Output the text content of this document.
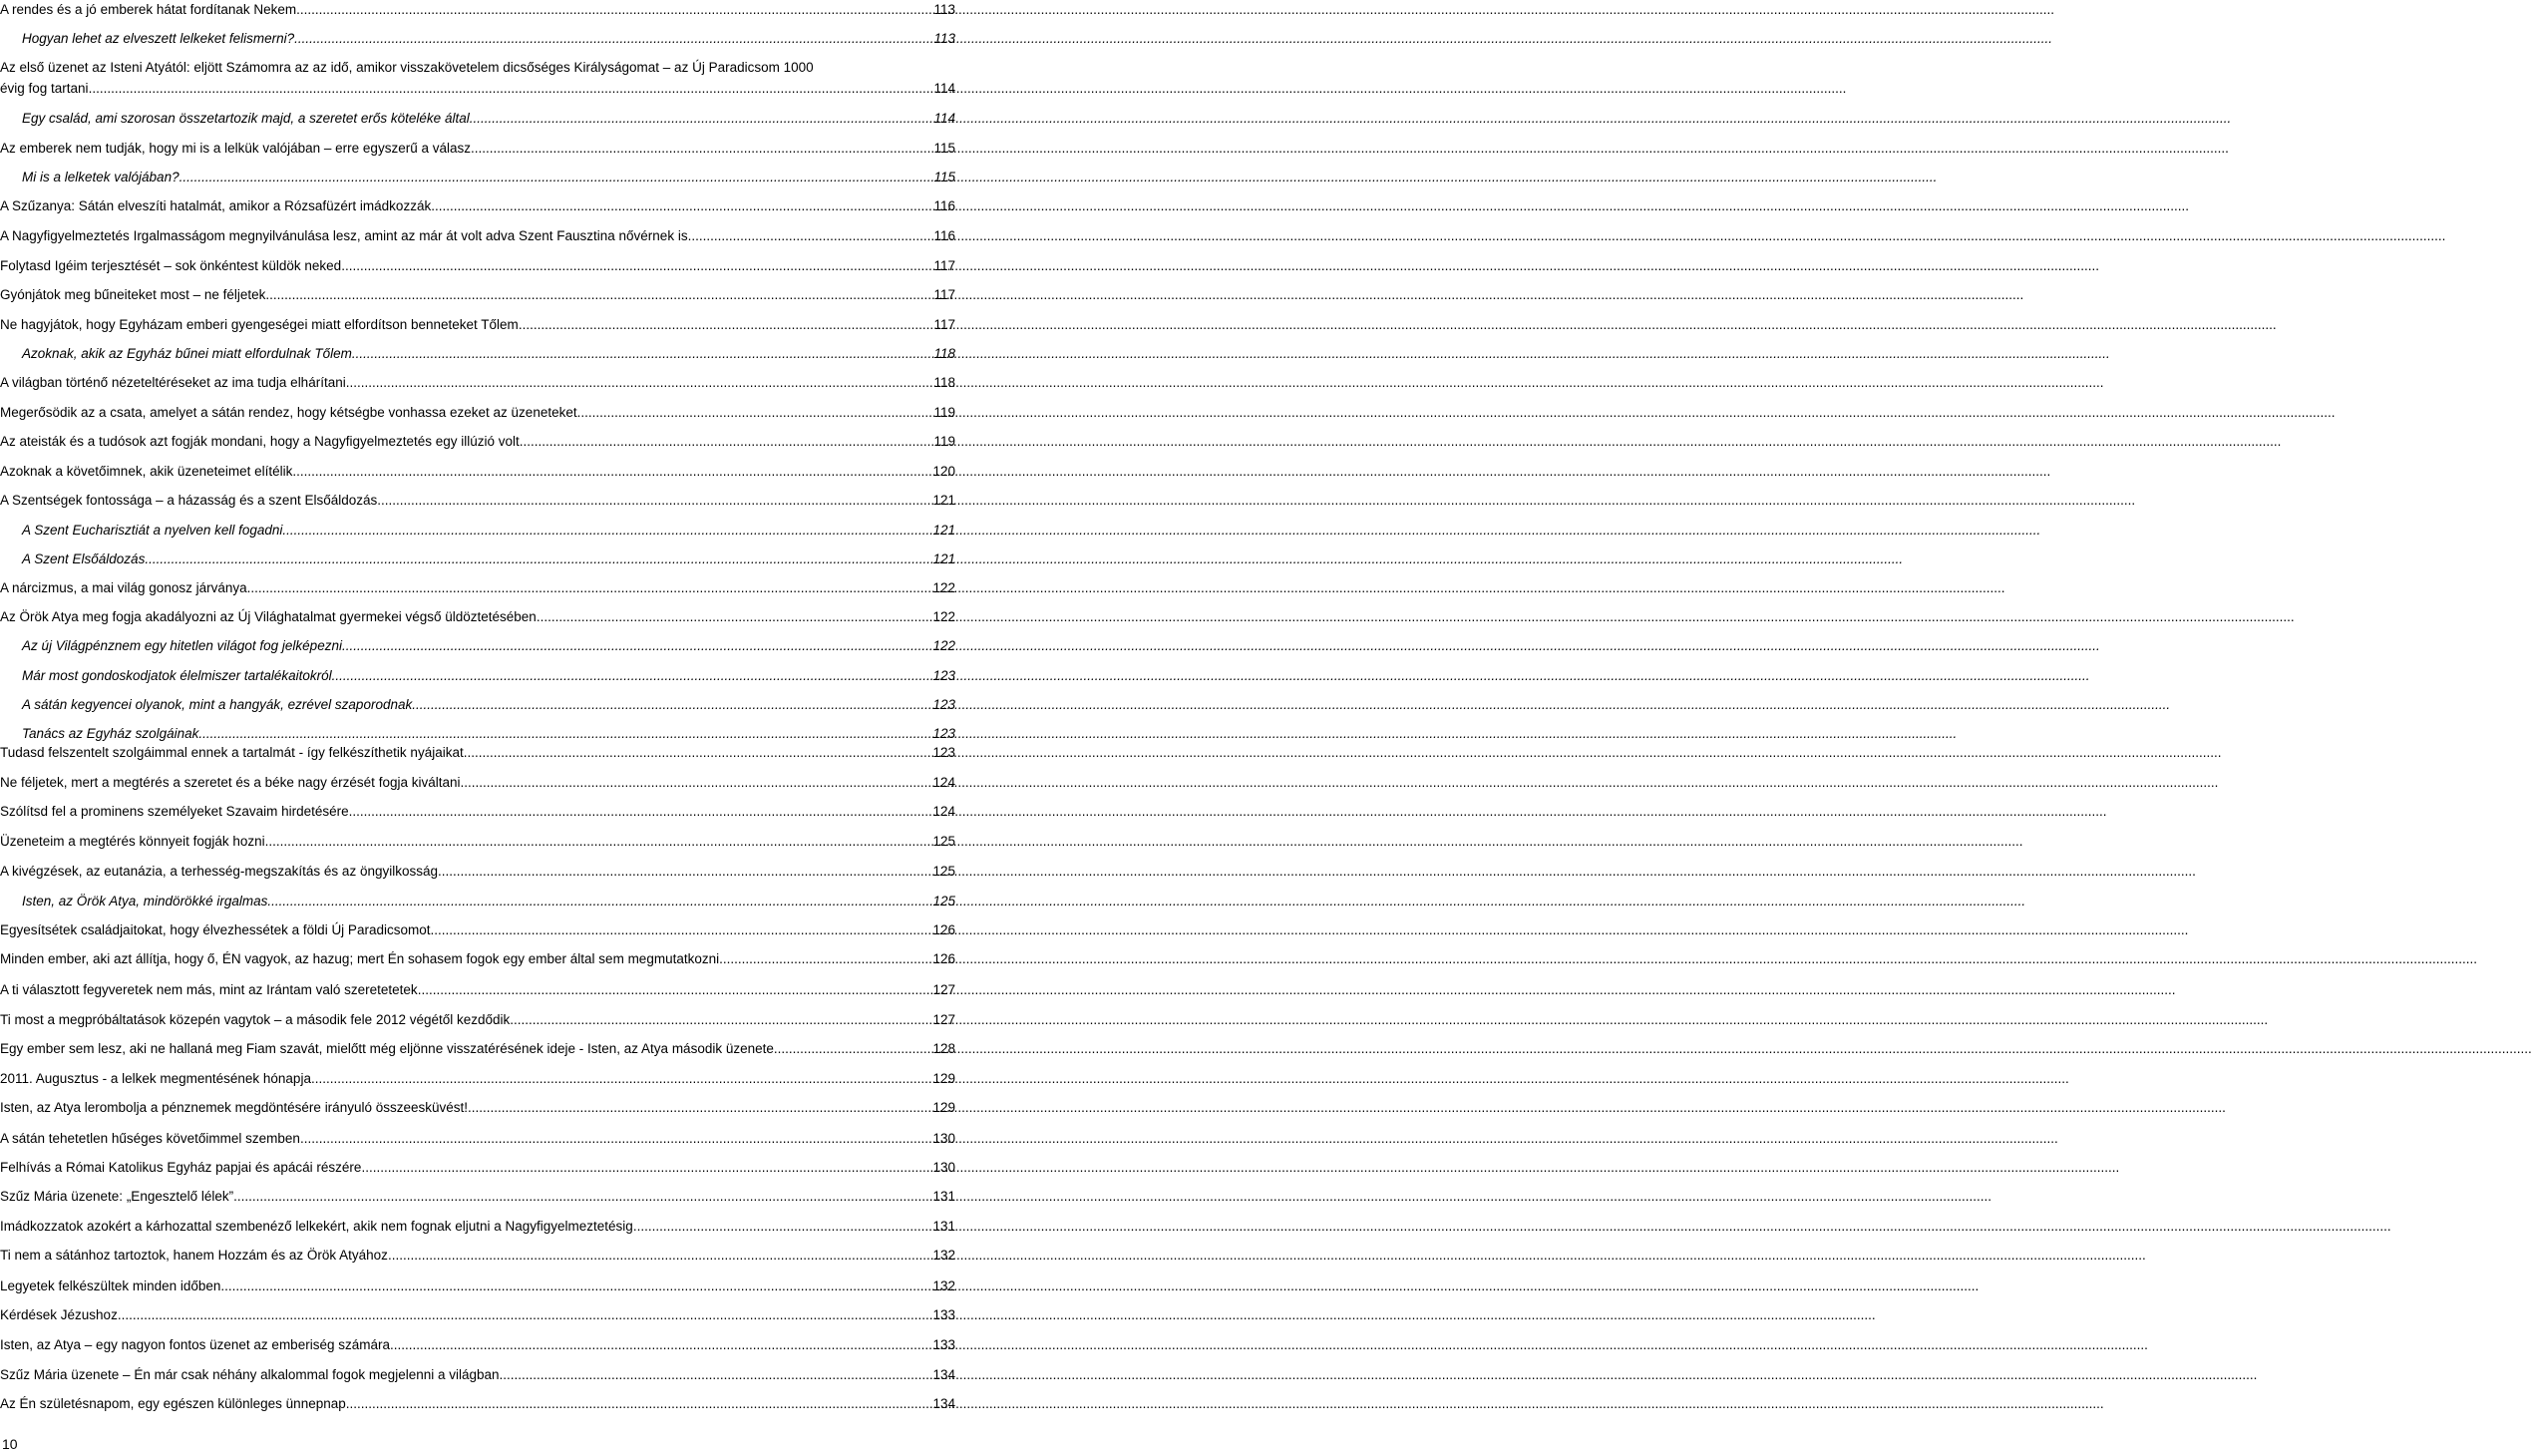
A rendes és a jó emberek hátat fordítanak Nekem .....	113
Hogyan lehet az elveszett lelkeket felismerni? .....	113
Az első üzenet az Isteni Atyától: eljött Számomra az az idő, amikor visszakövetelem dicsőséges Királyságomat – az Új Paradicsom 1000
évig fog tartani .....	114
Egy család, ami szorosan összetartozik majd, a szeretet erős köteléke által. .....	114
Az emberek nem tudják, hogy mi is a lelkük valójában – erre egyszerű a válasz .....	115
Mi is a lelketek valójában? .....	115
A Szűzanya: Sátán elveszíti hatalmát, amikor a Rózsafüzért imádkozzák .....	116
A Nagyfigyelmeztetés Irgalmasságom megnyilvánulása lesz, amint az már át volt adva Szent Fausztina nővérnek is .....	116
Folytasd Igéim terjesztését – sok önkéntest küldök neked .....	117
Gyónjátok meg bűneiteket most – ne féljetek .....	117
Ne hagyjátok, hogy Egyházam emberi gyengeségei miatt elfordítson benneteket Tőlem .....	117
Azoknak, akik az Egyház bűnei miatt elfordulnak Tőlem .....	118
A világban történő nézeteltéréseket az ima tudja elhárítani .....	118
Megerősödik az a csata, amelyet a sátán rendez, hogy kétségbe vonhassa ezeket az üzeneteket .....	119
Az ateisták és a tudósok azt fogják mondani, hogy a Nagyfigyelmeztetés egy illúzió volt. .....	119
Azoknak a követőimnek, akik üzeneteimet elítélik .....	120
A Szentségek fontossága – a házasság és a szent Elsőáldozás .....	121
A Szent Eucharisztiát a nyelven kell fogadni .....	121
A Szent Elsőáldozás .....	121
A nárcizmus, a mai világ gonosz járványa .....	122
Az Örök Atya meg fogja akadályozni az Új Világhatalmat gyermekei végső üldöztetésében .....	122
Az új Világpénznem egy hitetlen világot fog jelképezni .....	122
Már most gondoskodjatok élelmiszer tartalékaitokról .....	123
A sátán kegyencei olyanok, mint a hangyák, ezrével szaporodnak .....	123
Tanács az Egyház szolgáinak .....	123
Tudasd felszentelt szolgáimmal ennek a tartalmát - így felkészíthetik nyájaikat .....	123
Ne féljetek, mert a megtérés a szeretet és a béke nagy érzését fogja kiváltani .....	124
Szólítsd fel a prominens személyeket Szavaim hirdetésére .....	124
Üzeneteim a megtérés könnyeit fogják hozni .....	125
A kivégzések, az eutanázia, a terhesség-megszakítás és az öngyilkosság .....	125
Isten, az Örök Atya, mindörökké irgalmas .....	125
Egyesítsétek családjaitokat, hogy élvezhessétek a földi Új Paradicsomot .....	126
Minden ember, aki azt állítja, hogy ő, ÉN vagyok, az hazug; mert Én sohasem fogok egy ember által sem megmutatkozni .....	126
A ti választott fegyveretek nem más, mint az Irántam való szeretetetek .....	127
Ti most a megpróbáltatások közepén vagytok – a második fele 2012 végétől kezdődik .....	127
Egy ember sem lesz, aki ne hallaná meg Fiam szavát, mielőtt még eljönne visszatérésének ideje - Isten, az Atya második üzenete .....	128
2011. Augusztus - a lelkek megmentésének hónapja .....	129
Isten, az Atya lerombolja a pénznemek megdöntésére irányuló összeesküvést! .....	129
A sátán tehetetlen hűséges követőimmel szemben .....	130
Felhívás a Római Katolikus Egyház papjai és apácái részére .....	130
Szűz Mária üzenete: „Engesztelő lélek” .....	131
Imádkozzatok azokért a kárhozattal szembenéző lelkekért, akik nem fognak eljutni a Nagyfigyelmeztetésig .....	131
Ti nem a sátánhoz tartoztok, hanem Hozzám és az Örök Atyához .....	132
Legyetek felkészültek minden időben .....	132
Kérdések Jézushoz .....	133
Isten, az Atya – egy nagyon fontos üzenet az emberiség számára .....	133
Szűz Mária üzenete – Én már csak néhány alkalommal fogok megjelenni a világban .....	134
Az Én születésnapom, egy egészen különleges ünnepnap .....	134
10
